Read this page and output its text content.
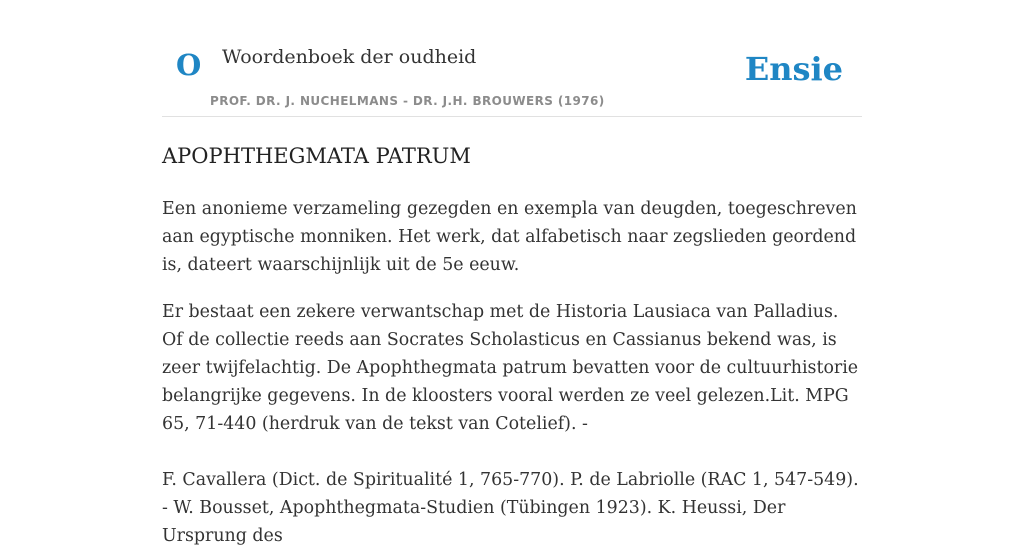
O Woordenboek der oudheid
PROF. DR. J. NUCHELMANS - DR. J.H. BROUWERS (1976)
Ensie
APOPHTHEGMATA PATRUM

Een anonieme verzameling gezegden en exempla van deugden, toegeschreven aan egyptische monniken. Het werk, dat alfabetisch naar zegslieden geordend is, dateert waarschijnlijk uit de 5e eeuw.

Er bestaat een zekere verwantschap met de Historia Lausiaca van Palladius. Of de collectie reeds aan Socrates Scholasticus en Cassianus bekend was, is zeer twijfelachtig. De Apophthegmata patrum bevatten voor de cultuurhistorie belangrijke gegevens. In de kloosters vooral werden ze veel gelezen.Lit. MPG 65, 71-440 (herdruk van de tekst van Cotelief). -

F. Cavallera (Dict. de Spiritualité 1, 765-770). P. de Labriolle (RAC 1, 547-549). - W. Bousset, Apophthegmata-Studien (Tübingen 1923). K. Heussi, Der Ursprung des
